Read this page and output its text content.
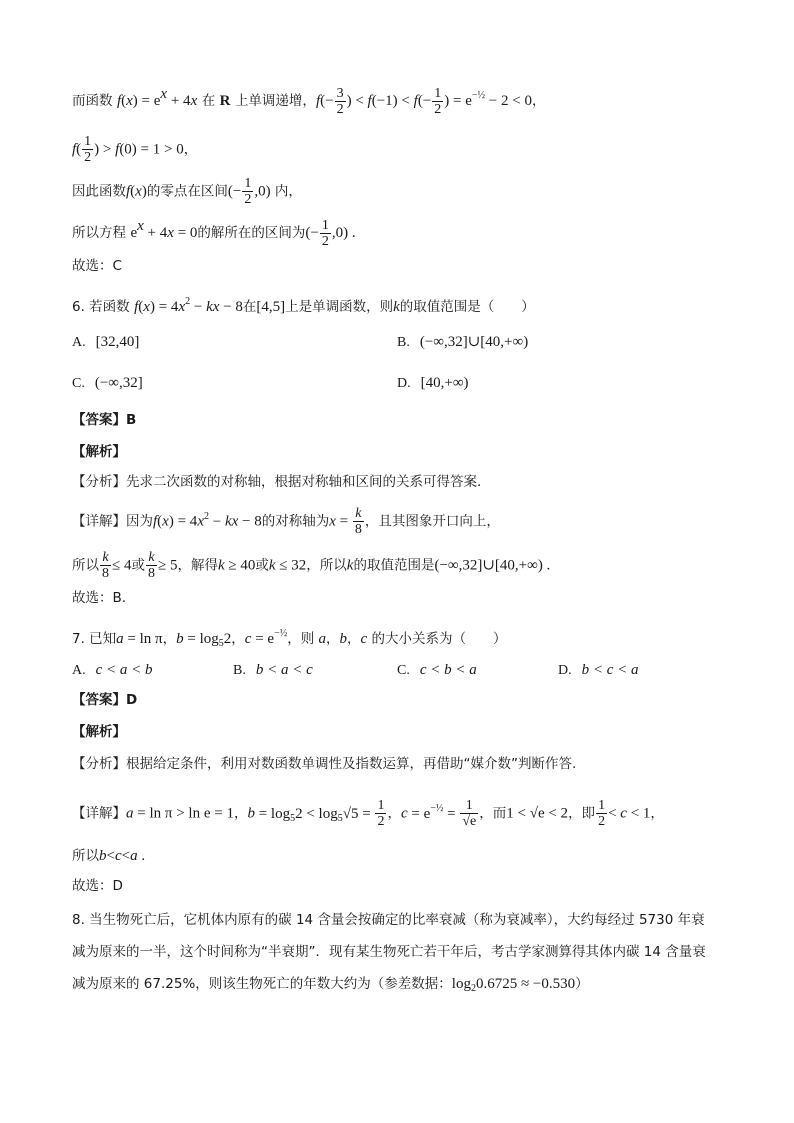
而函数 $f(x) = e^x + 4x$ 在 R 上单调递增，$f(- \frac{3}{2}$ ) < $f(-1) < f(- \frac{1}{2}$ ) = $e^{-\frac{1}{2}} - 2 < 0$，
$f( \frac{1}{2}$ ) > f(0) = 1 > 0，
因此函数f(x)的零点在区间(− $\frac{1}{2} ,0$) 内，
所以方程 $e^x + 4x = 0$的解所在的区间为(− $\frac{1}{2} ,0$) .
故选：C
6. 若函数 $f(x) = 4x^2$ − kx − 8在[4,5]上是单调函数，则k的取值范围是（　　）
A. [32,40]	B. (−∞,32]∪[40,+∞)
C. (−∞,32]	D. [40,+∞)
【答案】B
【解析】
【分析】先求二次函数的对称轴，根据对称轴和区间的关系可得答案.
【详解】因为$f(x) = 4x^2$ − kx − 8的对称轴为$x = \frac{k}{8}$ ，且其图象开口向上，
所以 $\frac{k}{8} \le 4$或 $\frac{k}{8} \ge 5$，解得k ≥ 40或k ≤ 32，所以k的取值范围是(−∞,32]∪[40,+∞) .
故选：B.
7. 已知a = ln π，$b = \log_52$，$c = e^{-\frac{1}{2}}$，则 a，b，c 的大小关系为（　　）
A. c < a < b	B. b < a < c	C. c < b < a	D. b < c < a
【答案】D
【解析】
【分析】根据给定条件，利用对数函数单调性及指数运算，再借助“媒介数”判断作答.
【详解】a = ln π > ln e = 1，$b = \log_52 < \log_5√5 = \frac{1}{2}$ ，$c = e^{-\frac{1}{2}} = \frac{1}{√e}$ ，而1 < √e < 2，即 $\frac{1}{2} < c < 1$，
所以b<c<a .
故选：D
8. 当生物死亡后，它机体内原有的碳 14 含量会按确定的比率衰减（称为衰减率），大约每经过 5730 年衰
减为原来的一半，这个时间称为“半衰期”．现有某生物死亡若干年后，考古学家测算得其体内碳 14 含量衰
减为原来的 67.25%，则该生物死亡的年数大约为（参差数据：$\log_20.6725 \approx -0.530$）
